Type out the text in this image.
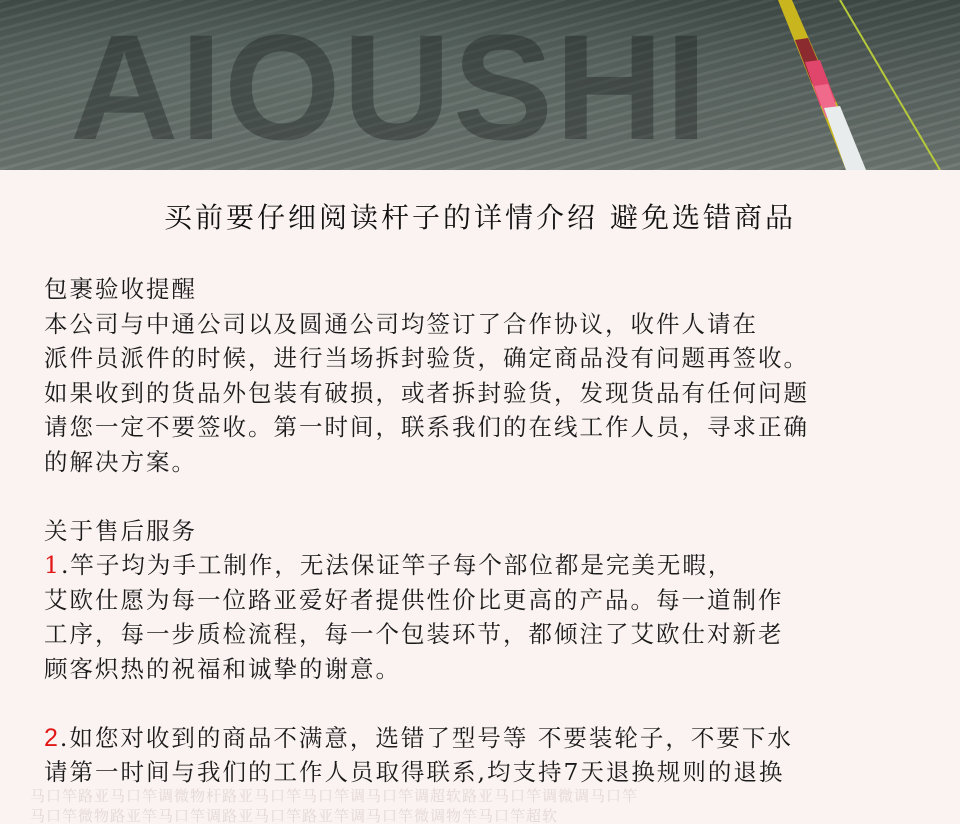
AIOUSHI
买前要仔细阅读杆子的详情介绍 避免选错商品
包裹验收提醒
本公司与中通公司以及圆通公司均签订了合作协议，收件人请在
派件员派件的时候，进行当场拆封验货，确定商品没有问题再签收。
如果收到的货品外包装有破损，或者拆封验货，发现货品有任何问题
请您一定不要签收。第一时间，联系我们的在线工作人员，寻求正确
的解决方案。
关于售后服务
1.竿子均为手工制作，无法保证竿子每个部位都是完美无暇，
艾欧仕愿为每一位路亚爱好者提供性价比更高的产品。每一道制作
工序，每一步质检流程，每一个包装环节，都倾注了艾欧仕对新老
顾客炽热的祝福和诚挚的谢意。
2.如您对收到的商品不满意，选错了型号等 不要装轮子，不要下水
请第一时间与我们的工作人员取得联系,均支持7天退换规则的退换
马口竿路亚马口竿调微物杆路亚马口竿马口竿调马口竿调超软路亚马口竿调微调马口竿
马口竿微物路亚竿马口竿调路亚马口竿路亚竿调马口竿微调物竿马口竿超软
